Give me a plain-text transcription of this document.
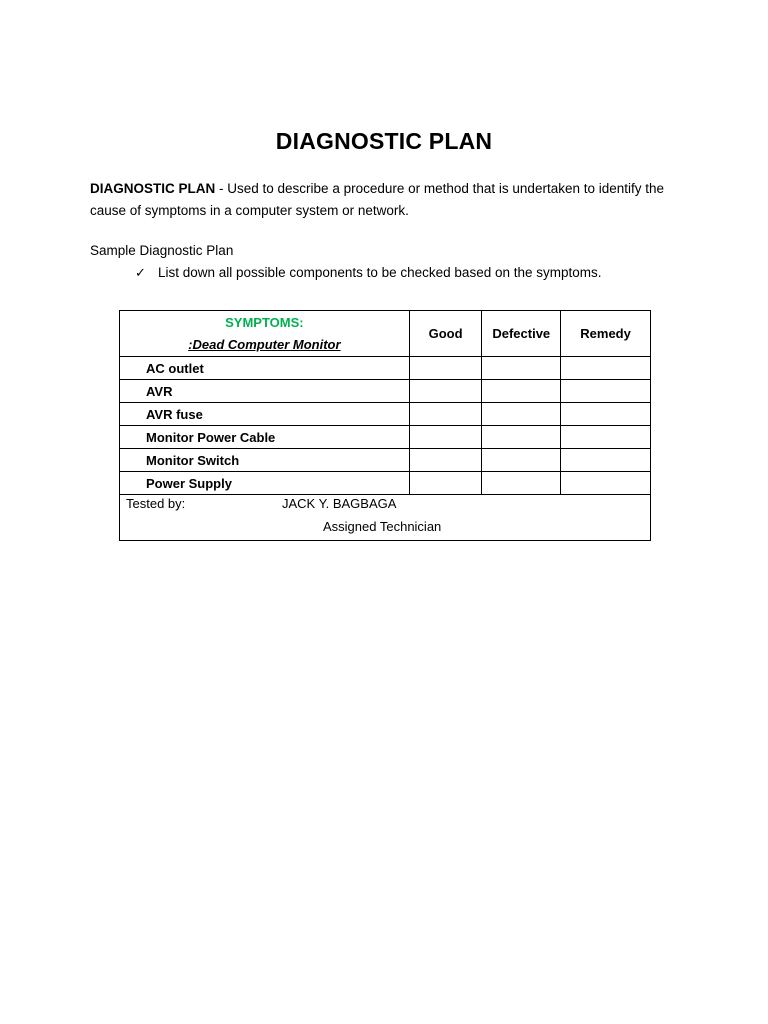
DIAGNOSTIC PLAN
DIAGNOSTIC PLAN - Used to describe a procedure or method that is undertaken to identify the cause of symptoms in a computer system or network.
Sample Diagnostic Plan
✓ List down all possible components to be checked based on the symptoms.
SYMPTOMS:
:Dead Computer Monitor	Good	Defective	Remedy
AC outlet			
AVR			
AVR fuse			
Monitor Power Cable			
Monitor Switch			
Power Supply			

Tested by: JACK Y. BAGBAGA
Assigned Technician			
